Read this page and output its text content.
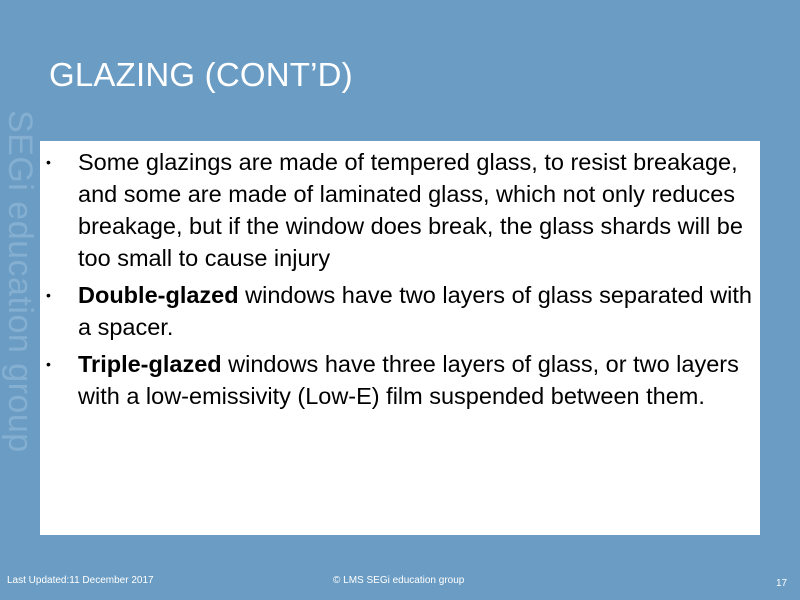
SEGi education group
GLAZING (CONT’D)
• Some glazings are made of tempered glass, to resist breakage, and some are made of laminated glass, which not only reduces breakage, but if the window does break, the glass shards will be too small to cause injury
• Double-glazed windows have two layers of glass separated with a spacer.
• Triple-glazed windows have three layers of glass, or two layers with a low-emissivity (Low-E) film suspended between them.
Last Updated:11 December 2017	© LMS SEGi education group	17
